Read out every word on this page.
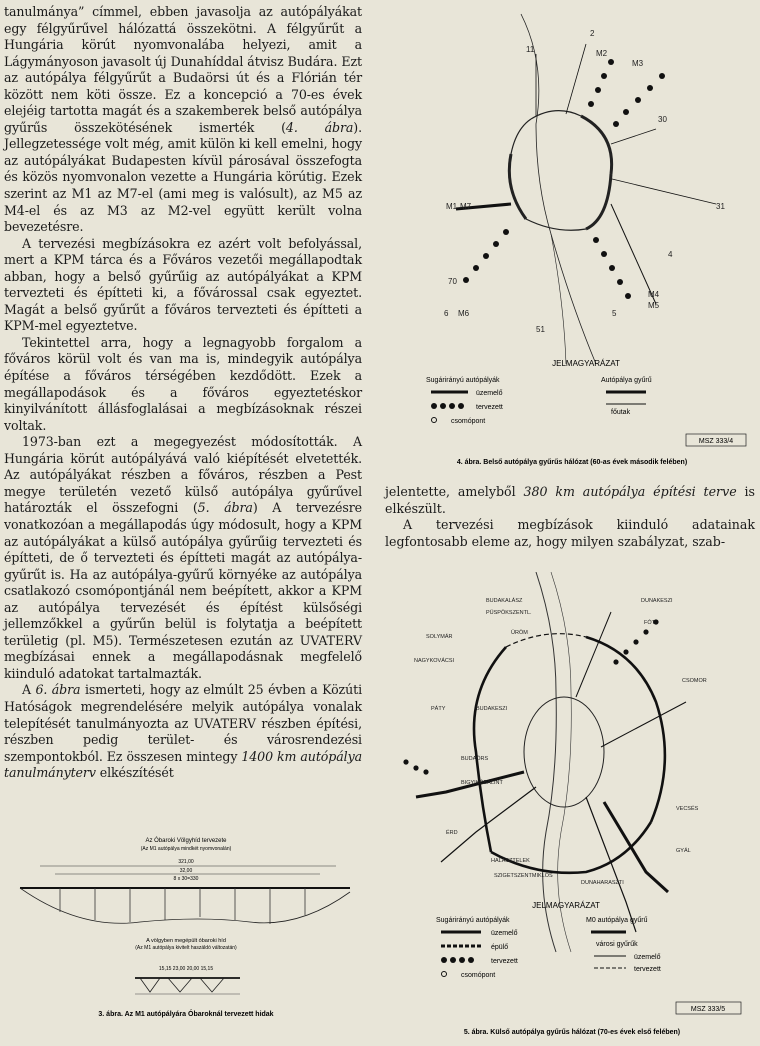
tanulmánya” címmel, ebben javasolja az autópályákat egy félgyűrűvel hálózattá összekötni. A félgyűrűt a Hungária körút nyomvonalába helyezi, amit a Lágymányoson javasolt új Dunahíddal átvisz Budára. Ezt az autópálya félgyűrűt a Budaörsi út és a Flórián tér között nem köti össze. Ez a koncepció a 70-es évek elejéig tartotta magát és a szakemberek belső autópálya gyűrűs összekötésének ismerték (4. ábra). Jellegzetessége volt még, amit külön ki kell emelni, hogy az autópályákat Budapesten kívül párosával összefogta és közös nyomvonalon vezette a Hungária körútig. Ezek szerint az M1 az M7-el (ami meg is valósult), az M5 az M4-el és az M3 az M2-vel együtt került volna bevezetésre.

A tervezési megbízásokra ez azért volt befolyással, mert a KPM tárca és a Főváros vezetői megállapodtak abban, hogy a belső gyűrűig az autópályákat a KPM tervezteti és építteti ki, a fővárossal csak egyeztet. Magát a belső gyűrűt a főváros tervezteti és építteti a KPM-mel egyeztetve.

Tekintettel arra, hogy a legnagyobb forgalom a főváros körül volt és van ma is, mindegyik autópálya építése a főváros térségében kezdődött. Ezek a megállapodások és a főváros egyeztetéskor kinyilvánított állásfoglalásai a megbízásoknak részei voltak.

1973-ban ezt a megegyezést módosították. A Hungária körút autópályává való kiépítését elvetették. Az autópályákat részben a főváros, részben a Pest megye területén vezető külső autópálya gyűrűvel határozták el összefogni (5. ábra) A tervezésre vonatkozóan a megállapodás úgy módosult, hogy a KPM az autópályákat a külső autópálya gyűrűig tervezteti és építteti, de ő tervezteti és építteti magát az autópálya-gyűrűt is. Ha az autópálya-gyűrű környéke az autópálya csatlakozó csomópontjánál nem beépített, akkor a KPM az autópálya tervezését és építést külsőségi jellemzőkkel a gyűrűn belül is folytatja a beépített területig (pl. M5). Természetesen ezután az UVATERV megbízásai ennek a megállapodásnak megfelelő kiinduló adatokat tartalmazták.

A 6. ábra ismerteti, hogy az elmúlt 25 évben a Közúti Hatóságok megrendelésére melyik autópálya vonalak telepítését tanulmányozta az UVATERV részben építési, részben pedig terület- és városrendezési szempontokból. Ez összesen mintegy 1400 km autópálya tanulmányterv elkészítését

Az Óbaroki Völgyhíd tervezete
(Az M1 autópálya mindkét nyomvonalán)
321,00
32,00
8 x 30=330
A völgyben megépült óbaroki híd
(Az M1 autópálya kivitelt haszáldó változatán)
15,15 23,00 20,00 15,15
3. ábra. Az M1 autópályára Óbaroknál tervezett hidak
11
2
M2
M3
30
31
4
M4
M5
5
51
6 M6
70
M1 M7
JELMAGYARÁZAT
Sugárirányú autópályák	Autópálya gyűrű
üzemelő
tervezett
csomópont
főutak
MSZ 333/4
4. ábra. Belső autópálya gyűrűs hálózat (60-as évek második felében)

jelentette, amelyből 380 km autópálya építési terve is elkészült.

A tervezési megbízások kiinduló adatainak legfontosabb eleme az, hogy milyen szabályzat, szab-

BUDAKALÁSZ
PÜSPÖKSZENTL.
ÜRÖM
FÓT
DUNAKESZI
SOLYMÁR
NAGYKOVÁCSI
CSOMOR
PÁTY	BUDAKESZI
BUDAÖRS
BIGYIKÓBÁLINT
ÉRD
HALÁSZTELEK
SZIGETSZENTMIKLÓS
DUNAHARASZTI
GYÁL
VECSÉS
JELMAGYARÁZAT
Sugárirányú autópályák	M0 autópálya gyűrű
üzemelő
épülő
tervezett
csomópont
városi gyűrűk
üzemelő
tervezett
MSZ 333/5
5. ábra. Külső autópálya gyűrűs hálózat (70-es évek első felében)
